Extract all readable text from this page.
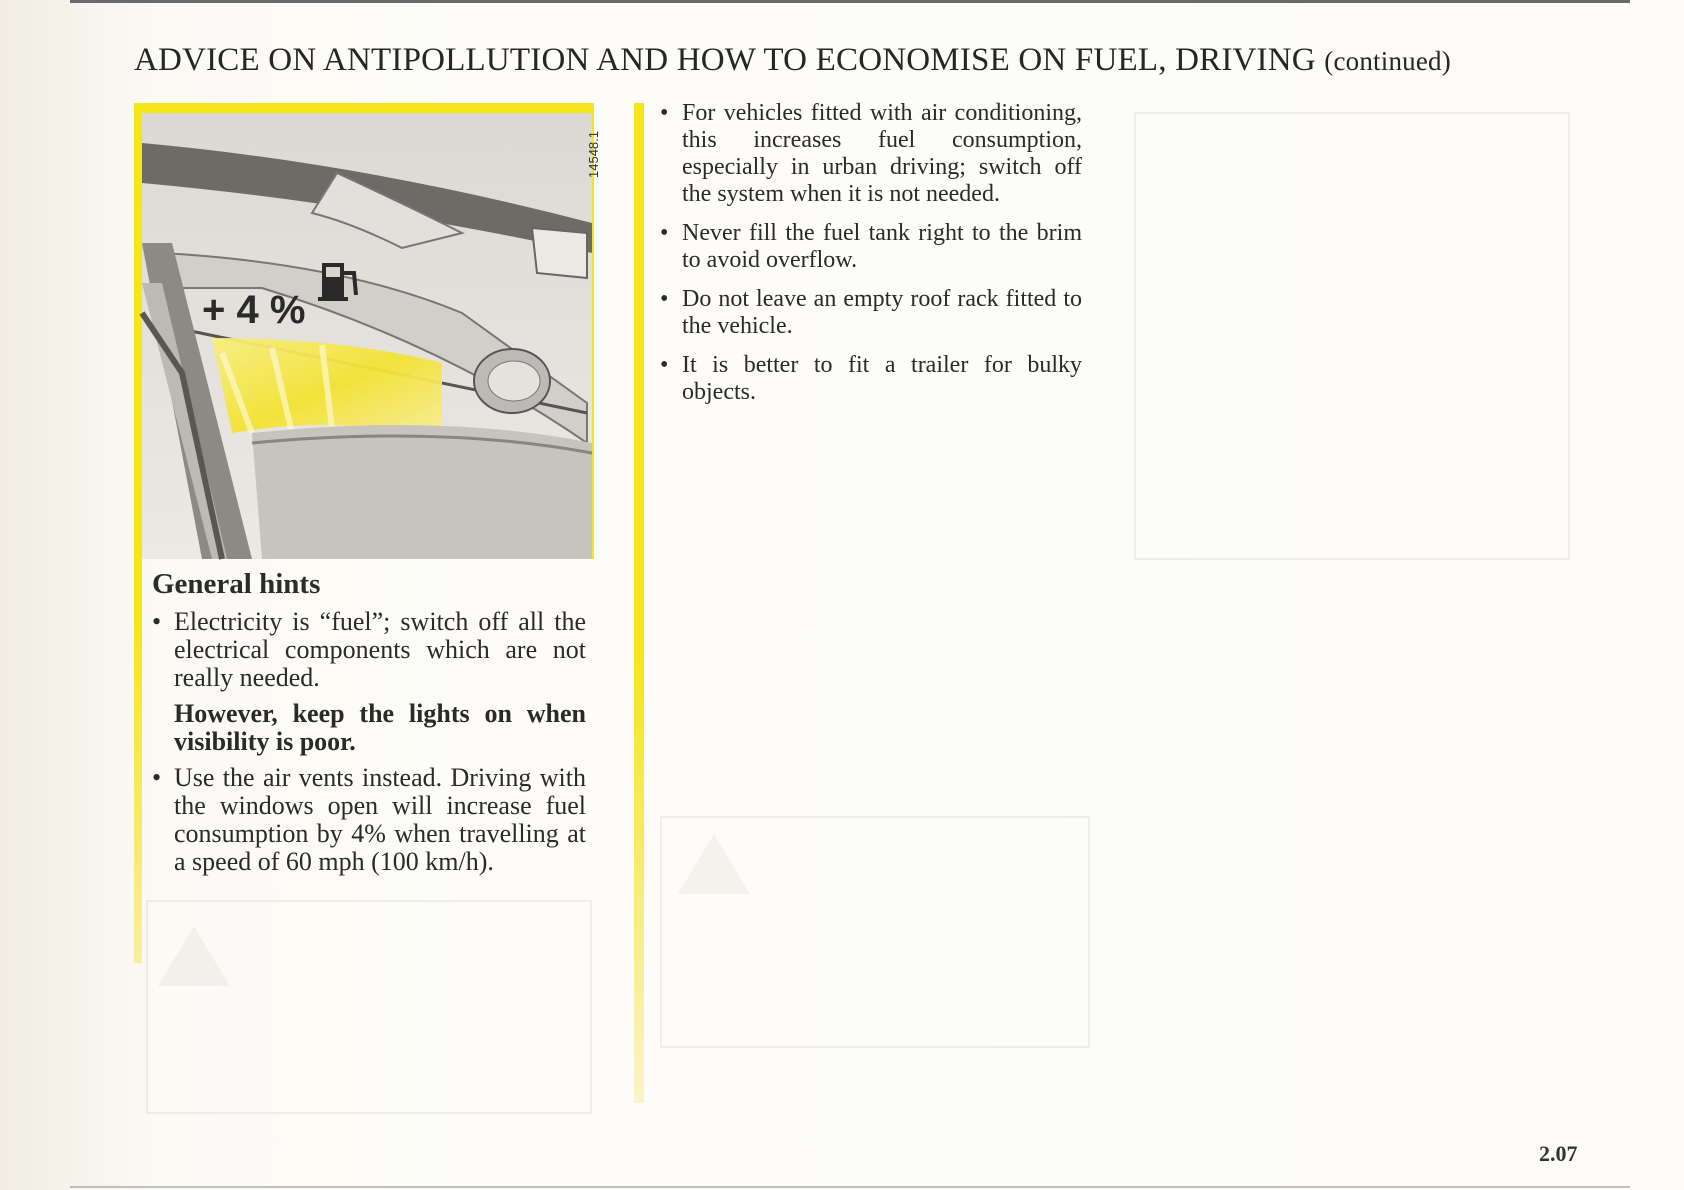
ADVICE ON ANTIPOLLUTION AND HOW TO ECONOMISE ON FUEL, DRIVING (continued)
+ 4 %
14548.1
General hints
• Electricity is “fuel”; switch off all the electrical components which are not really needed.
However, keep the lights on when visibility is poor.
• Use the air vents instead. Driving with the windows open will increase fuel consumption by 4% when travelling at a speed of 60 mph (100 km/h).
• For vehicles fitted with air conditioning, this increases fuel consumption, especially in urban driving; switch off the system when it is not needed.
• Never fill the fuel tank right to the brim to avoid overflow.
• Do not leave an empty roof rack fitted to the vehicle.
• It is better to fit a trailer for bulky objects.
2.07
